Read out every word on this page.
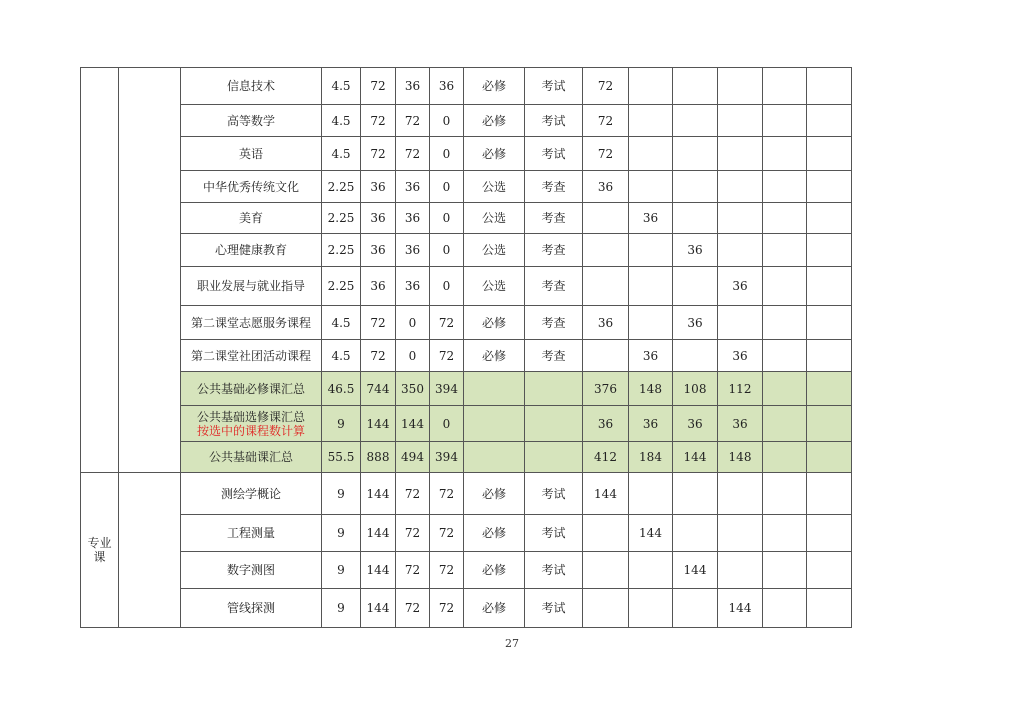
		信息技术	4.5	72	36	36	必修	考试	72					
		高等数学	4.5	72	72	0	必修	考试	72					
		英语	4.5	72	72	0	必修	考试	72					
		中华优秀传统文化	2.25	36	36	0	公选	考查	36					
		美育	2.25	36	36	0	公选	考查		36				
		心理健康教育	2.25	36	36	0	公选	考查			36			
		职业发展与就业指导	2.25	36	36	0	公选	考查				36		
		第二课堂志愿服务课程	4.5	72	0	72	必修	考查	36		36			
		第二课堂社团活动课程	4.5	72	0	72	必修	考查		36		36		

		公共基础必修课汇总	46.5	744	350	394			376	148	108	112		

		公共基础选修课汇总
按选中的课程数计算	9	144	144	0			36	36	36	36		

		公共基础课汇总	55.5	888	494	394			412	184	144	148		

专业
课		测绘学概论	9	144	72	72	必修	考试	144					
		工程测量	9	144	72	72	必修	考试		144				
		数字测图	9	144	72	72	必修	考试			144			
		管线探测	9	144	72	72	必修	考试				144		
27
